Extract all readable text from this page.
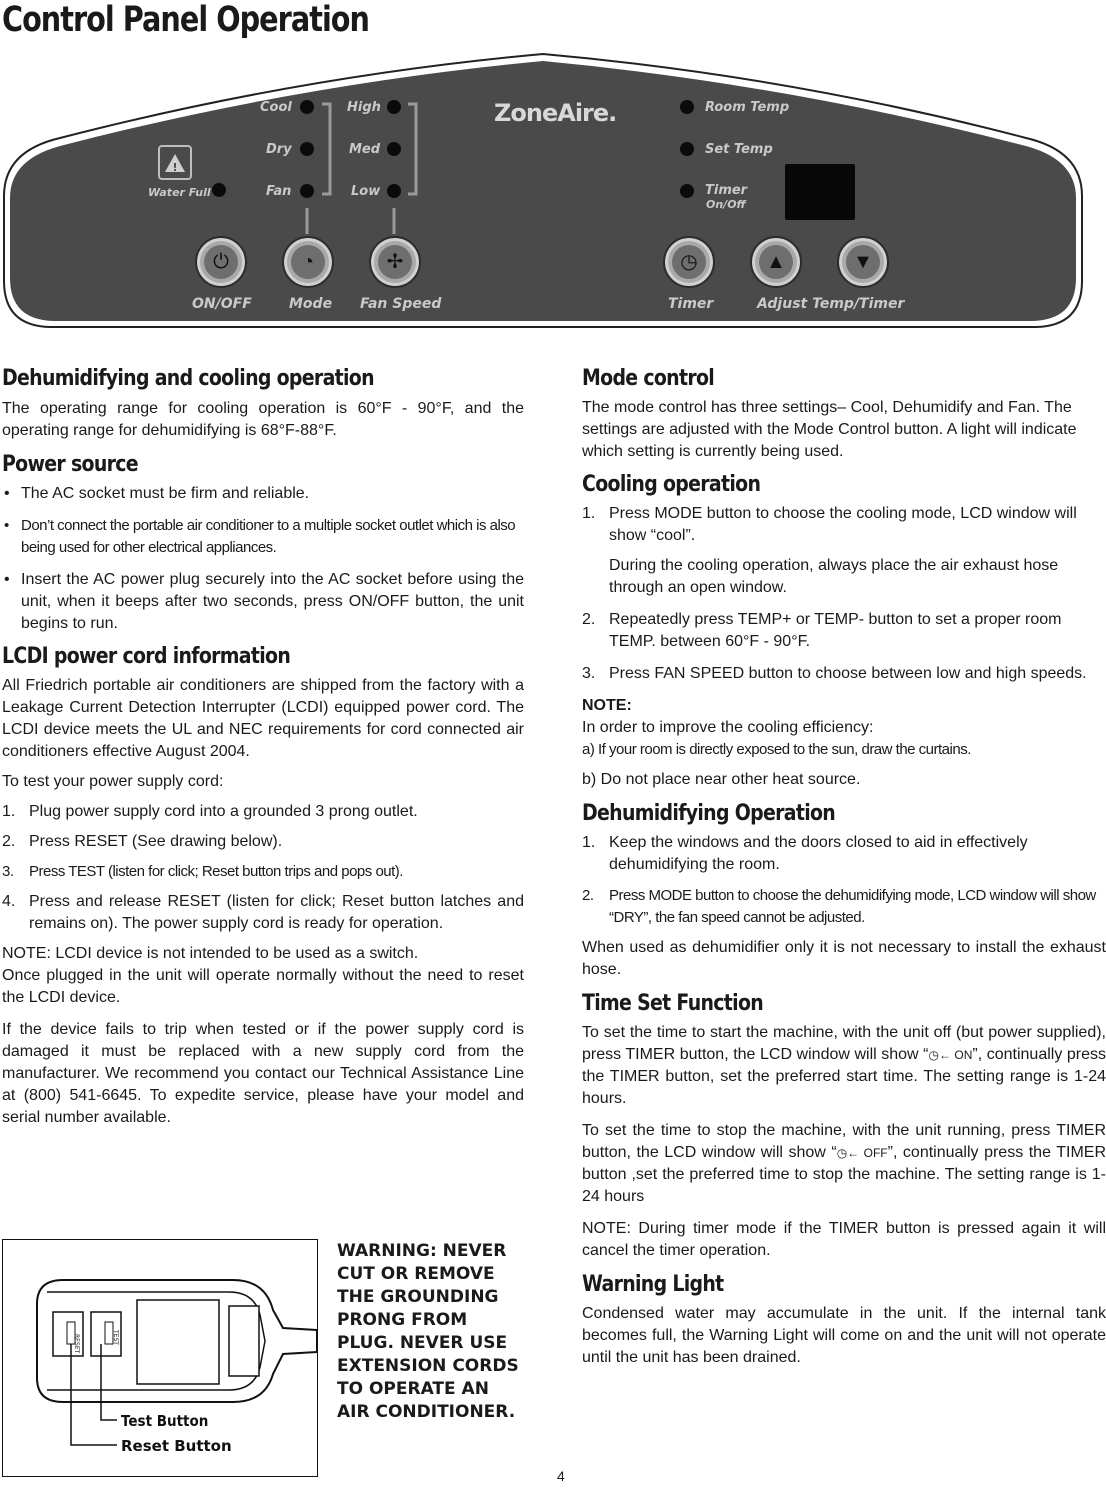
Control Panel Operation
!
ZoneAire.
Water Full
Cool
Dry
Fan
High
Med
Low
Room Temp
Set Temp
Timer
On/Off
⏻	◔	✢	◷	▲	▼
ON/OFF	Mode Fan Speed	Timer	Adjust Temp/Timer
Dehumidifying and cooling operation

The operating range for cooling operation is 60°F - 90°F, and the operating range for dehumidifying is 68°F-88°F.

Power source

• The AC socket must be firm and reliable.

• Don’t connect the portable air conditioner to a multiple socket outlet which is also being used for other electrical appliances.

• Insert the AC power plug securely into the AC socket before using the unit, when it beeps after two seconds, press ON/OFF button, the unit begins to run.

LCDI power cord information

All Friedrich portable air conditioners are shipped from the factory with a Leakage Current Detection Interrupter (LCDI) equipped power cord. The LCDI device meets the UL and NEC requirements for cord connected air conditioners effective August 2004.

To test your power supply cord:

1. Plug power supply cord into a grounded 3 prong outlet.
2. Press RESET (See drawing below).
3. Press TEST (listen for click; Reset button trips and pops out).
4. Press and release RESET (listen for click; Reset button latches and remains on). The power supply cord is ready for operation.

NOTE: LCDI device is not intended to be used as a switch.

Once plugged in the unit will operate normally without the need to reset the LCDI device.

If the device fails to trip when tested or if the power supply cord is damaged it must be replaced with a new supply cord from the manufacturer. We recommend you contact our Technical Assistance Line at (800) 541-6645. To expedite service, please have your model and serial number available.

RESET	TEST
Test Button
Reset Button
WARNING: NEVER
CUT OR REMOVE
THE GROUNDING
PRONG FROM
PLUG. NEVER USE
EXTENSION CORDS
TO OPERATE AN
AIR CONDITIONER.
Mode control

The mode control has three settings– Cool, Dehumidify and Fan. The settings are adjusted with the Mode Control button. A light will indicate which setting is currently being used.

Cooling operation
1. Press MODE button to choose the cooling mode, LCD window will show “cool”.

During the cooling operation, always place the air exhaust hose through an open window.

2. Repeatedly press TEMP+ or TEMP- button to set a proper room TEMP. between 60°F - 90°F.
3. Press FAN SPEED button to choose between low and high speeds.

NOTE:

In order to improve the cooling efficiency:

a) If your room is directly exposed to the sun, draw the curtains.

b) Do not place near other heat source.

Dehumidifying Operation
1. Keep the windows and the doors closed to aid in effectively dehumidifying the room.
2. Press MODE button to choose the dehumidifying mode, LCD window will show “DRY”, the fan speed cannot be adjusted.

When used as dehumidifier only it is not necessary to install the exhaust hose.

Time Set Function

To set the time to start the machine, with the unit off (but power supplied), press TIMER button, the LCD window will show “◷← ON”, continually press the TIMER button, set the preferred start time. The setting range is 1-24 hours.

To set the time to stop the machine, with the unit running, press TIMER button, the LCD window will show “◷← OFF”, continually press the TIMER button ,set the preferred time to stop the machine. The setting range is 1-24 hours

NOTE: During timer mode if the TIMER button is pressed again it will cancel the timer operation.

Warning Light

Condensed water may accumulate in the unit. If the internal tank becomes full, the Warning Light will come on and the unit will not operate until the unit has been drained.

4
